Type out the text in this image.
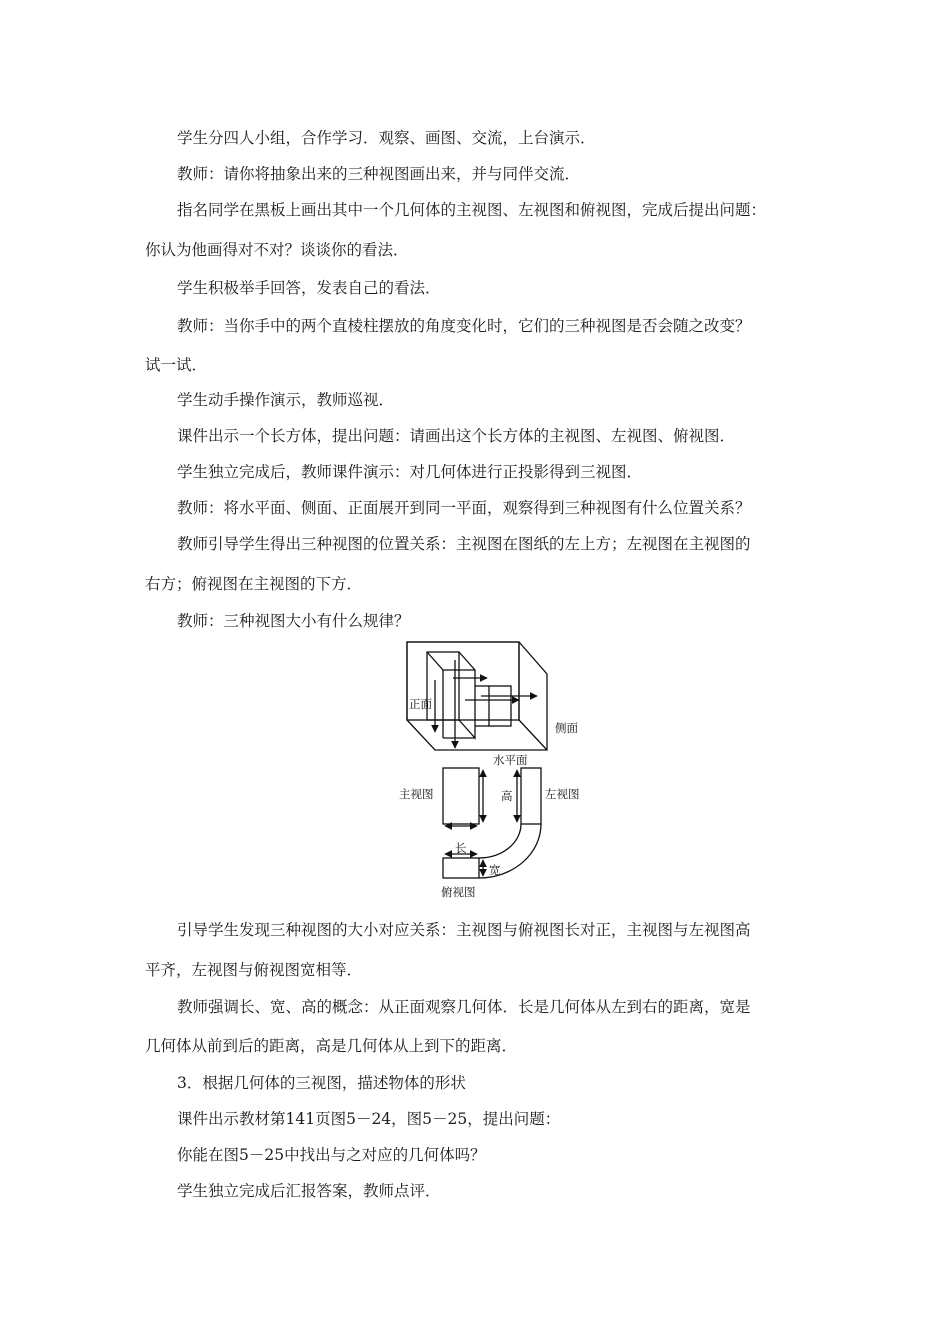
学生分四人小组，合作学习．观察、画图、交流，上台演示．
教师：请你将抽象出来的三种视图画出来，并与同伴交流．
指名同学在黑板上画出其中一个几何体的主视图、左视图和俯视图，完成后提出问题：
你认为他画得对不对？谈谈你的看法．
学生积极举手回答，发表自己的看法．
教师：当你手中的两个直棱柱摆放的角度变化时，它们的三种视图是否会随之改变？
试一试．
学生动手操作演示，教师巡视．
课件出示一个长方体，提出问题：请画出这个长方体的主视图、左视图、俯视图．
学生独立完成后，教师课件演示：对几何体进行正投影得到三视图．
教师：将水平面、侧面、正面展开到同一平面，观察得到三种视图有什么位置关系？
教师引导学生得出三种视图的位置关系：主视图在图纸的左上方；左视图在主视图的
右方；俯视图在主视图的下方．
教师：三种视图大小有什么规律？
正面
侧面
水平面
主视图	左视图
高
长
宽
俯视图
引导学生发现三种视图的大小对应关系：主视图与俯视图长对正，主视图与左视图高
平齐，左视图与俯视图宽相等．
教师强调长、宽、高的概念：从正面观察几何体．长是几何体从左到右的距离，宽是
几何体从前到后的距离，高是几何体从上到下的距离．
3．根据几何体的三视图，描述物体的形状
课件出示教材第141页图5－24，图5－25，提出问题：
你能在图5－25中找出与之对应的几何体吗？
学生独立完成后汇报答案，教师点评．
